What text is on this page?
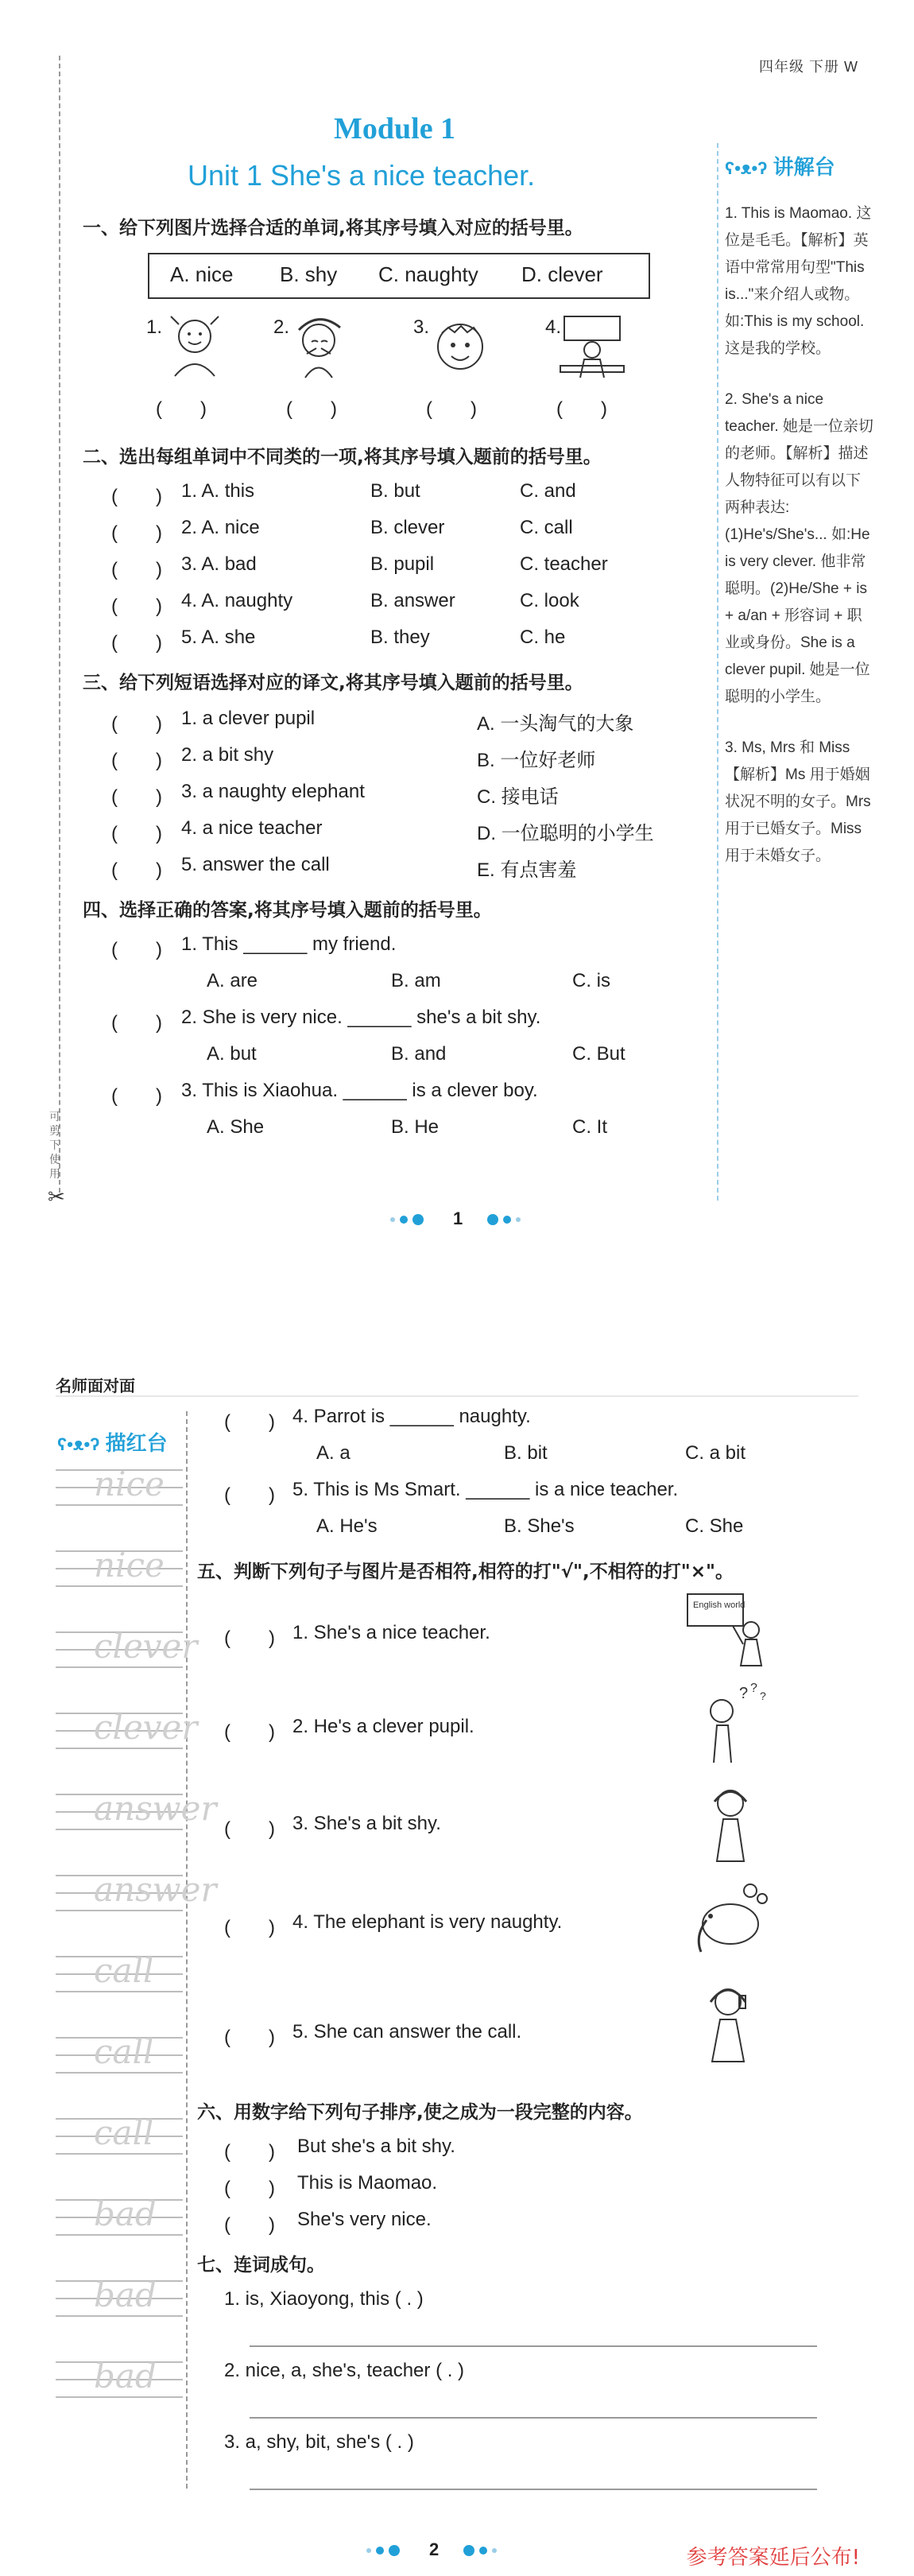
四年级 下册 W
可剪下使用
✂
Module 1
Unit 1 She's a nice teacher.
一、给下列图片选择合适的单词,将其序号填入对应的括号里。
A. nice B. shy C. naughty D. clever
1.	2.	3.	4.
(　　)	(　　)	(　　)	(　　)
二、选出每组单词中不同类的一项,将其序号填入题前的括号里。
(　　) 1. A. this	B. but	C. and
(　　) 2. A. nice	B. clever	C. call
(　　) 3. A. bad	B. pupil	C. teacher
(　　) 4. A. naughty	B. answer	C. look
(　　) 5. A. she	B. they	C. he
三、给下列短语选择对应的译文,将其序号填入题前的括号里。
(　　) 1. a clever pupil	A. 一头淘气的大象
(　　) 2. a bit shy	B. 一位好老师
(　　) 3. a naughty elephant	C. 接电话
(　　) 4. a nice teacher	D. 一位聪明的小学生
(　　) 5. answer the call	E. 有点害羞
四、选择正确的答案,将其序号填入题前的括号里。
(　　) 1. This ______ my friend.
A. are	B. am	C. is
(　　) 2. She is very nice. ______ she's a bit shy.
A. but	B. and	C. But
(　　) 3. This is Xiaohua. ______ is a clever boy.
A. She	B. He	C. It
ʕ•ᴥ•ʔ 讲解台

1. This is Maomao. 这位是毛毛。【解析】英语中常常用句型"This is..."来介绍人或物。如:This is my school. 这是我的学校。

2. She's a nice teacher. 她是一位亲切的老师。【解析】描述人物特征可以有以下两种表达:(1)He's/She's... 如:He is very clever. 他非常聪明。(2)He/She + is + a/an + 形容词 + 职业或身份。She is a clever pupil. 她是一位聪明的小学生。

3. Ms, Mrs 和 Miss【解析】Ms 用于婚姻状况不明的女子。Mrs 用于已婚女子。Miss 用于未婚女子。

1
名师面对面
ʕ•ᴥ•ʔ 描红台
nice
nice
clever
clever
answer
answer
call
call
call
bad
bad
bad
(　　) 4. Parrot is ______ naughty.
A. a	B. bit	C. a bit
(　　) 5. This is Ms Smart. ______ is a nice teacher.
A. He's	B. She's	C. She
五、判断下列句子与图片是否相符,相符的打"√",不相符的打"×"。
(　　) 1. She's a nice teacher.
English world
(　　) 2. He's a clever pupil.
? ?
?
(　　) 3. She's a bit shy.
(　　) 4. The elephant is very naughty.
(　　) 5. She can answer the call.
六、用数字给下列句子排序,使之成为一段完整的内容。
(　　) But she's a bit shy.
(　　) This is Maomao.
(　　) She's very nice.
七、连词成句。
1. is, Xiaoyong, this ( . )
2. nice, a, she's, teacher ( . )
3. a, shy, bit, she's ( . )
2	参考答案延后公布!
